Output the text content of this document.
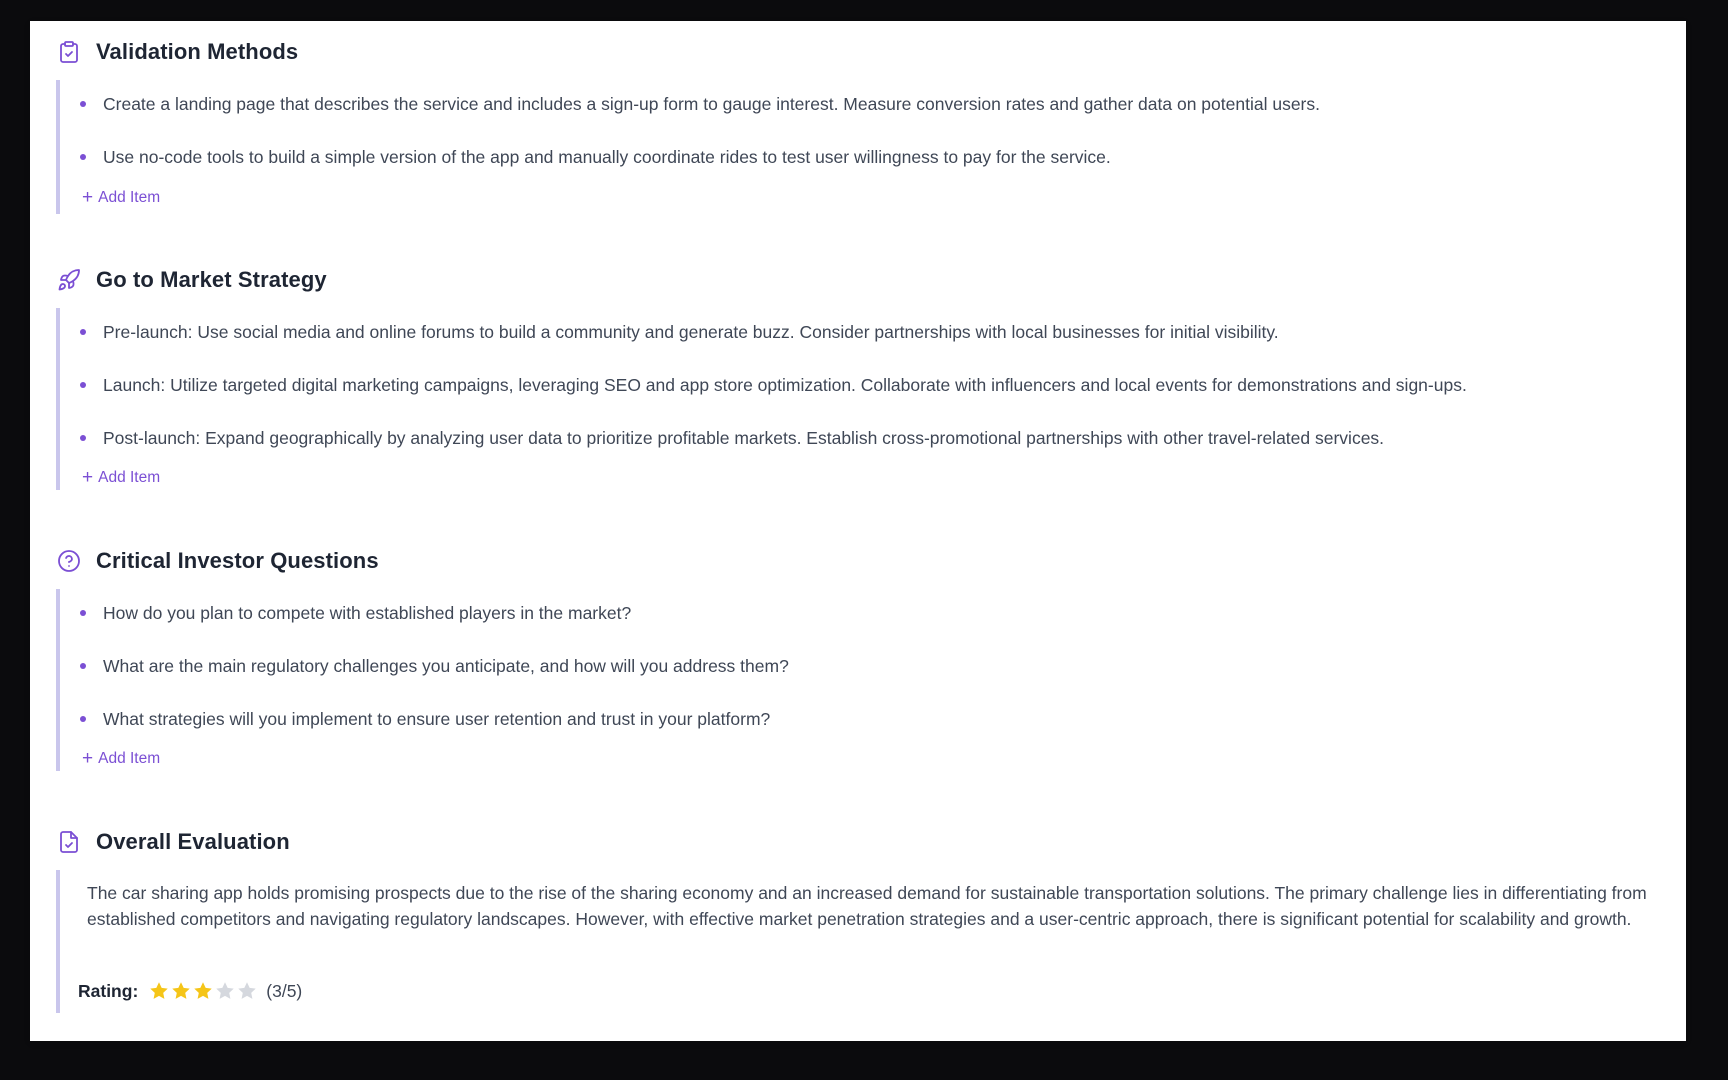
Validation Methods
Create a landing page that describes the service and includes a sign-up form to gauge interest. Measure conversion rates and gather data on potential users.
Use no-code tools to build a simple version of the app and manually coordinate rides to test user willingness to pay for the service.
+ Add Item
Go to Market Strategy
Pre-launch: Use social media and online forums to build a community and generate buzz. Consider partnerships with local businesses for initial visibility.
Launch: Utilize targeted digital marketing campaigns, leveraging SEO and app store optimization. Collaborate with influencers and local events for demonstrations and sign-ups.
Post-launch: Expand geographically by analyzing user data to prioritize profitable markets. Establish cross-promotional partnerships with other travel-related services.
+ Add Item
Critical Investor Questions
How do you plan to compete with established players in the market?
What are the main regulatory challenges you anticipate, and how will you address them?
What strategies will you implement to ensure user retention and trust in your platform?
+ Add Item
Overall Evaluation

The car sharing app holds promising prospects due to the rise of the sharing economy and an increased demand for sustainable transportation solutions. The primary challenge lies in differentiating from established competitors and navigating regulatory landscapes. However, with effective market penetration strategies and a user-centric approach, there is significant potential for scalability and growth.

Rating:	(3/5)
